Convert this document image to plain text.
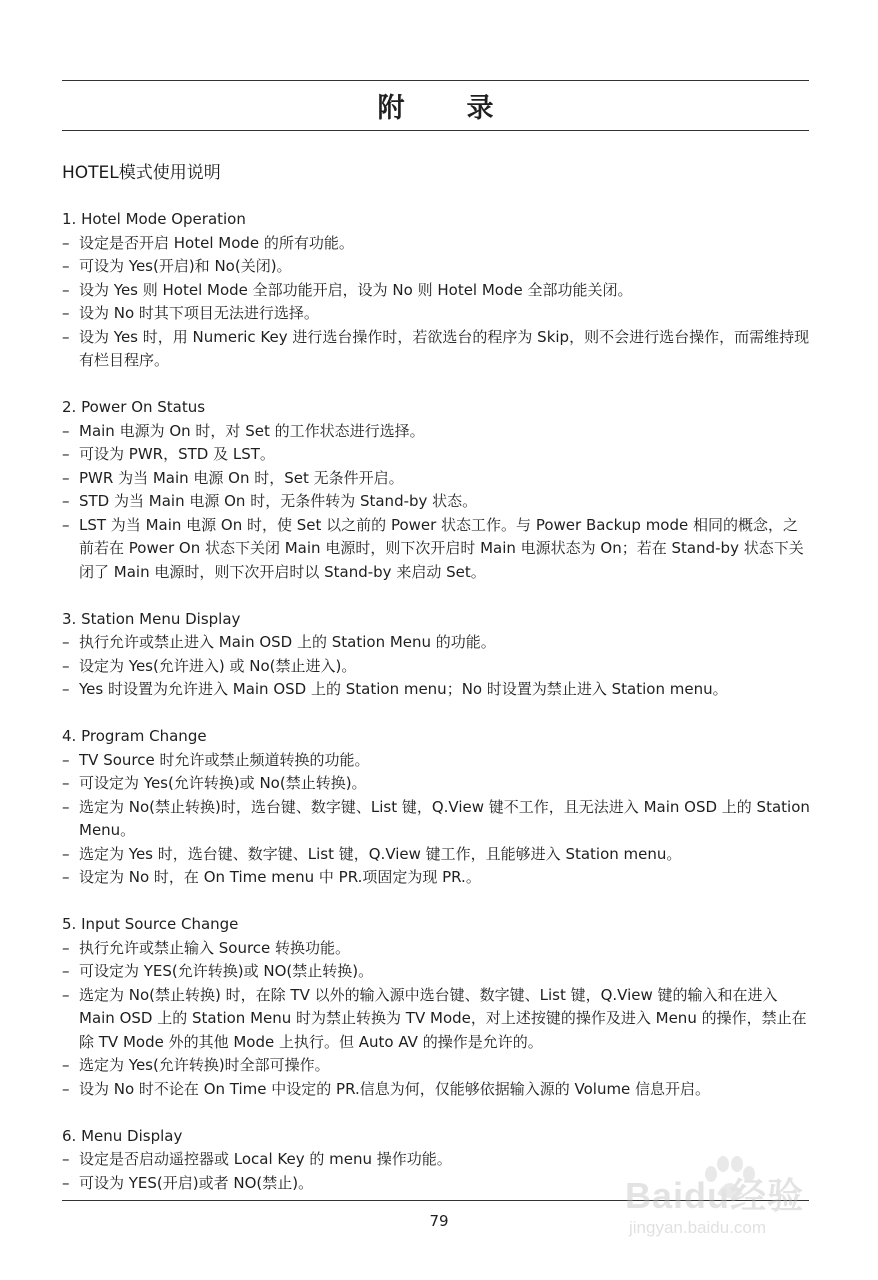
附录
HOTEL模式使用说明
1. Hotel Mode Operation
– 设定是否开启 Hotel Mode 的所有功能。
– 可设为 Yes(开启)和 No(关闭)。
– 设为 Yes 则 Hotel Mode 全部功能开启，设为 No 则 Hotel Mode 全部功能关闭。
– 设为 No 时其下项目无法进行选择。
– 设为 Yes 时，用 Numeric Key 进行选台操作时，若欲选台的程序为 Skip，则不会进行选台操作，而需维持现有栏目程序。
2. Power On Status
– Main 电源为 On 时，对 Set 的工作状态进行选择。
– 可设为 PWR，STD 及 LST。
– PWR 为当 Main 电源 On 时，Set 无条件开启。
– STD 为当 Main 电源 On 时，无条件转为 Stand-by 状态。
– LST 为当 Main 电源 On 时，使 Set 以之前的 Power 状态工作。与 Power Backup mode 相同的概念，之前若在 Power On 状态下关闭 Main 电源时，则下次开启时 Main 电源状态为 On；若在 Stand-by 状态下关闭了 Main 电源时，则下次开启时以 Stand-by 来启动 Set。
3. Station Menu Display
– 执行允许或禁止进入 Main OSD 上的 Station Menu 的功能。
– 设定为 Yes(允许进入) 或 No(禁止进入)。
– Yes 时设置为允许进入 Main OSD 上的 Station menu；No 时设置为禁止进入 Station menu。
4. Program Change
– TV Source 时允许或禁止频道转换的功能。
– 可设定为 Yes(允许转换)或 No(禁止转换)。
– 选定为 No(禁止转换)时，选台键、数字键、List 键，Q.View 键不工作，且无法进入 Main OSD 上的 Station Menu。
– 选定为 Yes 时，选台键、数字键、List 键，Q.View 键工作，且能够进入 Station menu。
– 设定为 No 时，在 On Time menu 中 PR.项固定为现 PR.。
5. Input Source Change
– 执行允许或禁止输入 Source 转换功能。
– 可设定为 YES(允许转换)或 NO(禁止转换)。
– 选定为 No(禁止转换) 时，在除 TV 以外的输入源中选台键、数字键、List 键，Q.View 键的输入和在进入 Main OSD 上的 Station Menu 时为禁止转换为 TV Mode，对上述按键的操作及进入 Menu 的操作，禁止在除 TV Mode 外的其他 Mode 上执行。但 Auto AV 的操作是允许的。
– 选定为 Yes(允许转换)时全部可操作。
– 设为 No 时不论在 On Time 中设定的 PR.信息为何，仅能够依据输入源的 Volume 信息开启。
6. Menu Display
– 设定是否启动遥控器或 Local Key 的 menu 操作功能。
– 可设为 YES(开启)或者 NO(禁止)。
79
Baidu经验
jingyan.baidu.com
